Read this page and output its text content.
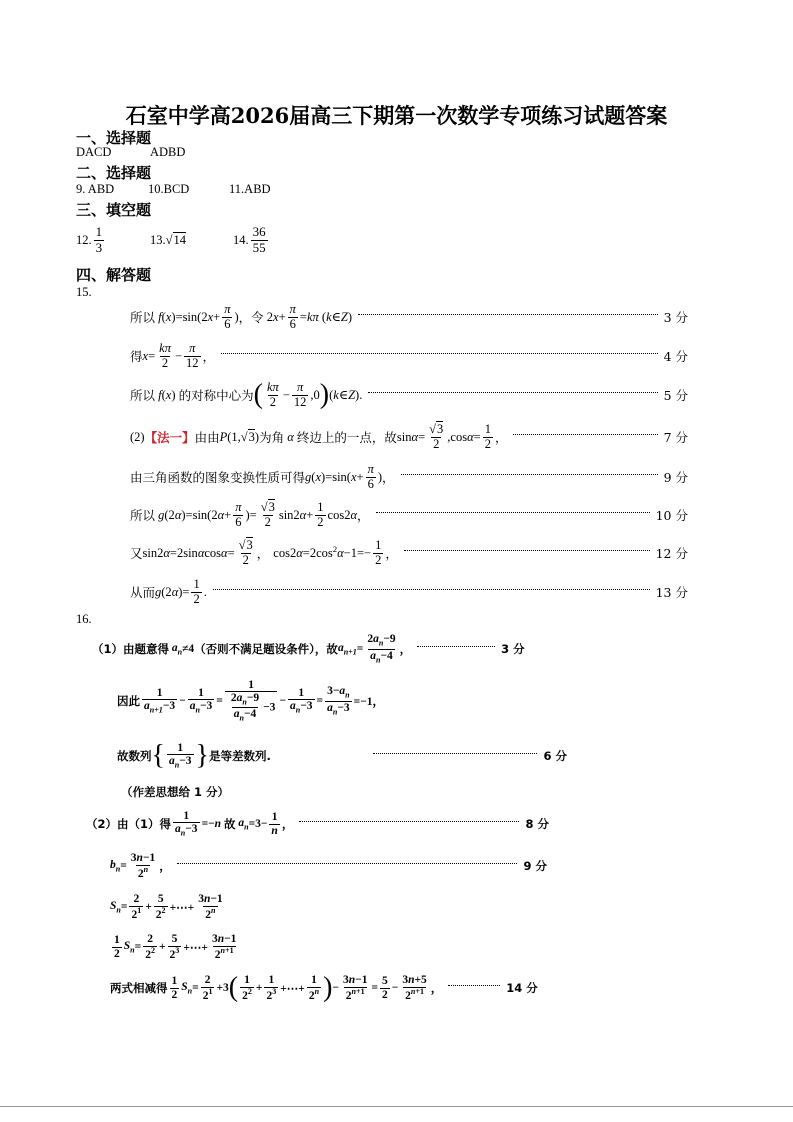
石室中学高2026届高三下期第一次数学专项练习试题答案
一、选择题
DACD	ADBD
二、选择题
9. ABD	10.BCD	11.ABD
三、填空题
12. $\frac{1}{3}$	13. √14	14. $\frac{36}{55}$
四、解答题
15.
所以 f ( x )=sin(2 $x + \frac{\pi}{6}$ ) ，令 2 $x + \frac{\pi}{6} = k\pi$ ( k ∈ Z )	3 分
得 $x = \frac{k\pi}{2} - \frac{\pi}{12}$ ，	4 分
所以 f ( x ) 的对称中心为 ( $\frac{k\pi}{2} - \frac{\pi}{12} ,0$ ) ( k ∈ Z ).	5 分
(2) 【法一】 由由 P (1,√3) 为角 α 终边上的一点，故 $\sin \alpha = \frac{√3}{2} ,\cos$ $\alpha = \frac{1}{2}$ ，	7 分
由三角函数的图象变换性质可得 g ( x )=sin( $x + \frac{\pi}{6}$ ) ，	9 分
所以 g (2 α )=sin(2 $\alpha + \frac{\pi}{6}$ )= $\frac{√3}{2} \sin 2$ $\alpha + \frac{1}{2} \cos 2$ α ，	10 分
又 sin2 α =2sin α $\cos \alpha = \frac{√3}{2}$ ， cos2 $\alpha =2\cos^2$ $\alpha -1=- \frac{1}{2}$ ，	12 分
从而 g (2 α )= $\frac{1}{2}$ .	13 分
16.
（1）由题意得 $a_n \ne 4$ （否则不满足题设条件），故 $a_{n+1} = \frac{2a_n-9}{a_n-4}$ ，	3 分
因此 $\frac{1}{a_{n+1}-3} - \frac{1}{a_n-3} = \frac{1}{\frac{2a_n-9}{a_n-4} -3} - \frac{1}{a_n-3} = \frac{3-a_n}{a_n-3} =-1$，
故数列 { $\frac{1}{a_n-3}$ } 是等差数列.	6 分
（作差思想给 1 分）
（2）由（1）得 $\frac{1}{a_n-3} =-n$ 故 $a_n =3- \frac{1}{n}$ ，	8 分
$b_n = \frac{3n-1}{2^n}$ ，	9 分
$S_n = \frac{2}{2^1} + \frac{5}{2^2}$ +⋯+ $\frac{3n-1}{2^n}$
$\frac{1}{2} S_n = \frac{2}{2^2} + \frac{5}{2^3}$ +⋯+ $\frac{3n-1}{2^{n+1}}$
两式相减得 $\frac{1}{2} S_n = \frac{2}{2^1} +3$ ( $\frac{1}{2^2} + \frac{1}{2^3}$ +⋯+ $\frac{1}{2^n}$ ) − $\frac{3n-1}{2^{n+1}} = \frac{5}{2} - \frac{3n+5}{2^{n+1}}$ ，	14 分
